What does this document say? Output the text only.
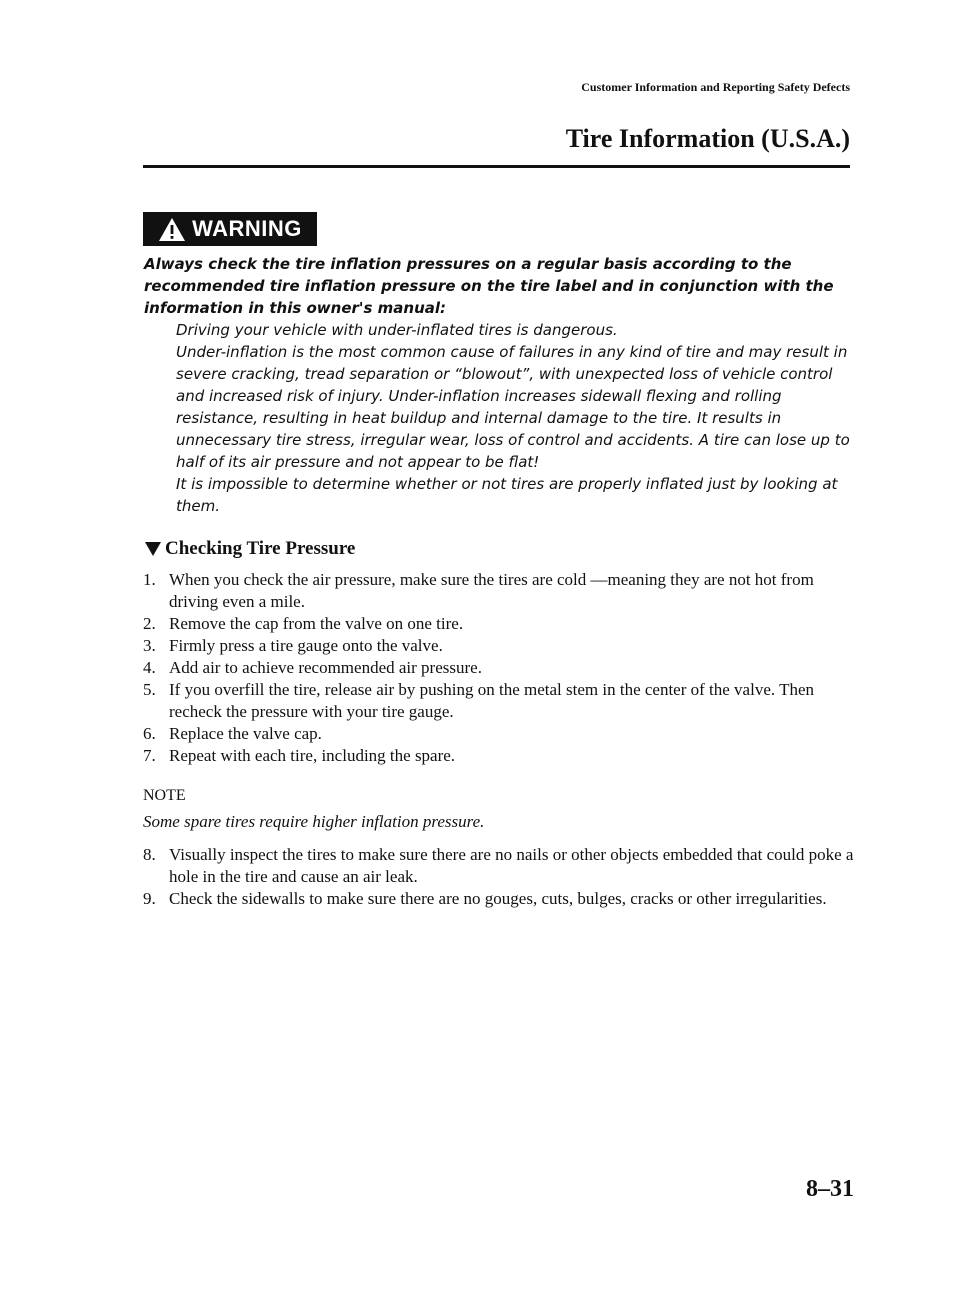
Customer Information and Reporting Safety Defects
Tire Information (U.S.A.)
WARNING
Always check the tire inflation pressures on a regular basis according to the recommended tire inflation pressure on the tire label and in conjunction with the information in this owner's manual:
Driving your vehicle with under-inflated tires is dangerous.
Under-inflation is the most common cause of failures in any kind of tire and may result in severe cracking, tread separation or “blowout”, with unexpected loss of vehicle control and increased risk of injury. Under-inflation increases sidewall flexing and rolling resistance, resulting in heat buildup and internal damage to the tire. It results in unnecessary tire stress, irregular wear, loss of control and accidents. A tire can lose up to half of its air pressure and not appear to be flat!
It is impossible to determine whether or not tires are properly inflated just by looking at them.
Checking Tire Pressure
1. When you check the air pressure, make sure the tires are cold —meaning they are not hot from driving even a mile.
2. Remove the cap from the valve on one tire.
3. Firmly press a tire gauge onto the valve.
4. Add air to achieve recommended air pressure.
5. If you overfill the tire, release air by pushing on the metal stem in the center of the valve. Then recheck the pressure with your tire gauge.
6. Replace the valve cap.
7. Repeat with each tire, including the spare.
NOTE
Some spare tires require higher inflation pressure.
8. Visually inspect the tires to make sure there are no nails or other objects embedded that could poke a hole in the tire and cause an air leak.
9. Check the sidewalls to make sure there are no gouges, cuts, bulges, cracks or other irregularities.
8–31
